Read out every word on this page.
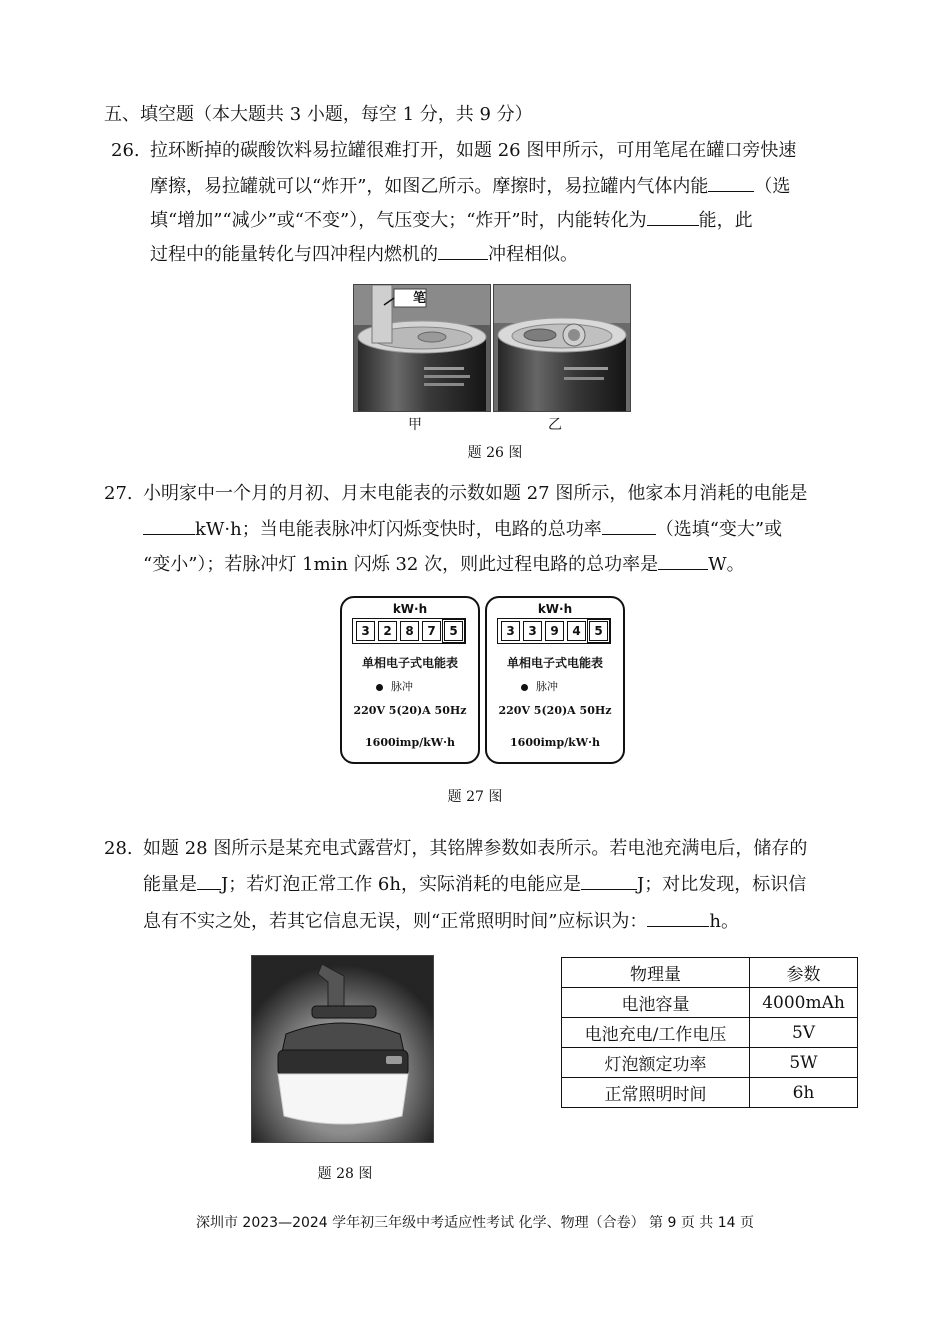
五、填空题（本大题共 3 小题，每空 1 分，共 9 分）
26. 拉环断掉的碳酸饮料易拉罐很难打开，如题 26 图甲所示，可用笔尾在罐口旁快速
摩擦，易拉罐就可以“炸开”，如图乙所示。摩擦时，易拉罐内气体内能	（选
填“增加”“减少”或“不变”），气压变大；“炸开”时，内能转化为	能，此
过程中的能量转化与四冲程内燃机的	冲程相似。
笔
甲	乙
题 26 图
27. 小明家中一个月的月初、月末电能表的示数如题 27 图所示，他家本月消耗的电能是
kW·h；当电能表脉冲灯闪烁变快时，电路的总功率	（选填“变大”或
“变小”）；若脉冲灯 1min 闪烁 32 次，则此过程电路的总功率是	W。
kW·h
3	2	8	7	5
单相电子式电能表
脉冲
220V 5(20)A 50Hz
1600imp/kW·h
kW·h
3	3	9	4	5
单相电子式电能表
脉冲
220V 5(20)A 50Hz
1600imp/kW·h
题 27 图
28. 如题 28 图所示是某充电式露营灯，其铭牌参数如表所示。若电池充满电后，储存的
能量是 J；若灯泡正常工作 6h，实际消耗的电能应是	J；对比发现，标识信
息有不实之处，若其它信息无误，则“正常照明时间”应标识为：	h。
题 28 图
物理量	参数
电池容量	4000mAh
电池充电/工作电压	5V
灯泡额定功率	5W
正常照明时间	6h
深圳市 2023—2024 学年初三年级中考适应性考试 化学、物理（合卷） 第 9 页 共 14 页
